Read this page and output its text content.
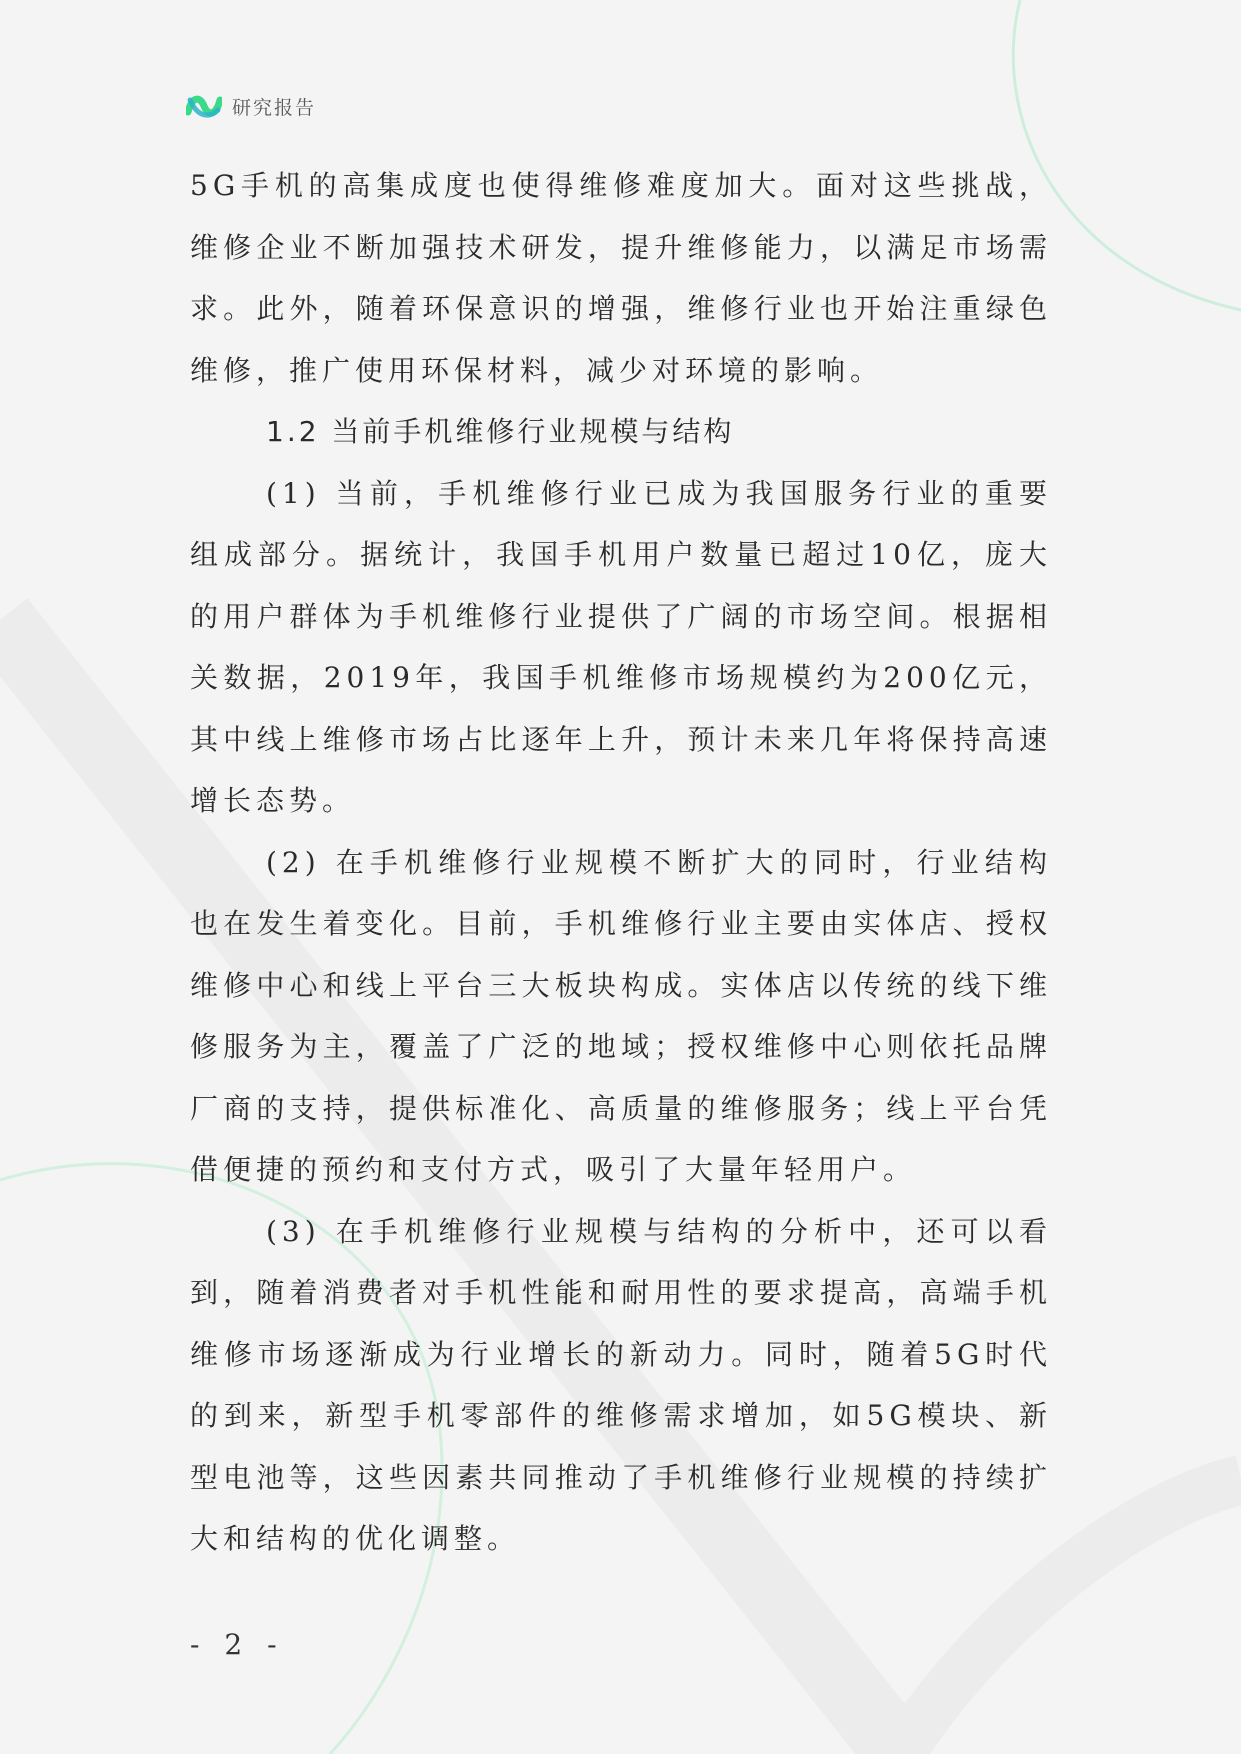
研究报告

5G手机的高集成度也使得维修难度加大。面对这些挑战，维修企业不断加强技术研发，提升维修能力，以满足市场需求。此外，随着环保意识的增强，维修行业也开始注重绿色维修，推广使用环保材料，减少对环境的影响。

1.2 当前手机维修行业规模与结构

(1) 当前，手机维修行业已成为我国服务行业的重要组成部分。据统计，我国手机用户数量已超过10亿，庞大的用户群体为手机维修行业提供了广阔的市场空间。根据相关数据，2019年，我国手机维修市场规模约为200亿元，其中线上维修市场占比逐年上升，预计未来几年将保持高速增长态势。

(2) 在手机维修行业规模不断扩大的同时，行业结构也在发生着变化。目前，手机维修行业主要由实体店、授权维修中心和线上平台三大板块构成。实体店以传统的线下维修服务为主，覆盖了广泛的地域；授权维修中心则依托品牌厂商的支持，提供标准化、高质量的维修服务；线上平台凭借便捷的预约和支付方式，吸引了大量年轻用户。

(3) 在手机维修行业规模与结构的分析中，还可以看到，随着消费者对手机性能和耐用性的要求提高，高端手机维修市场逐渐成为行业增长的新动力。同时，随着5G时代的到来，新型手机零部件的维修需求增加，如5G模块、新型电池等，这些因素共同推动了手机维修行业规模的持续扩大和结构的优化调整。

- 2 -
